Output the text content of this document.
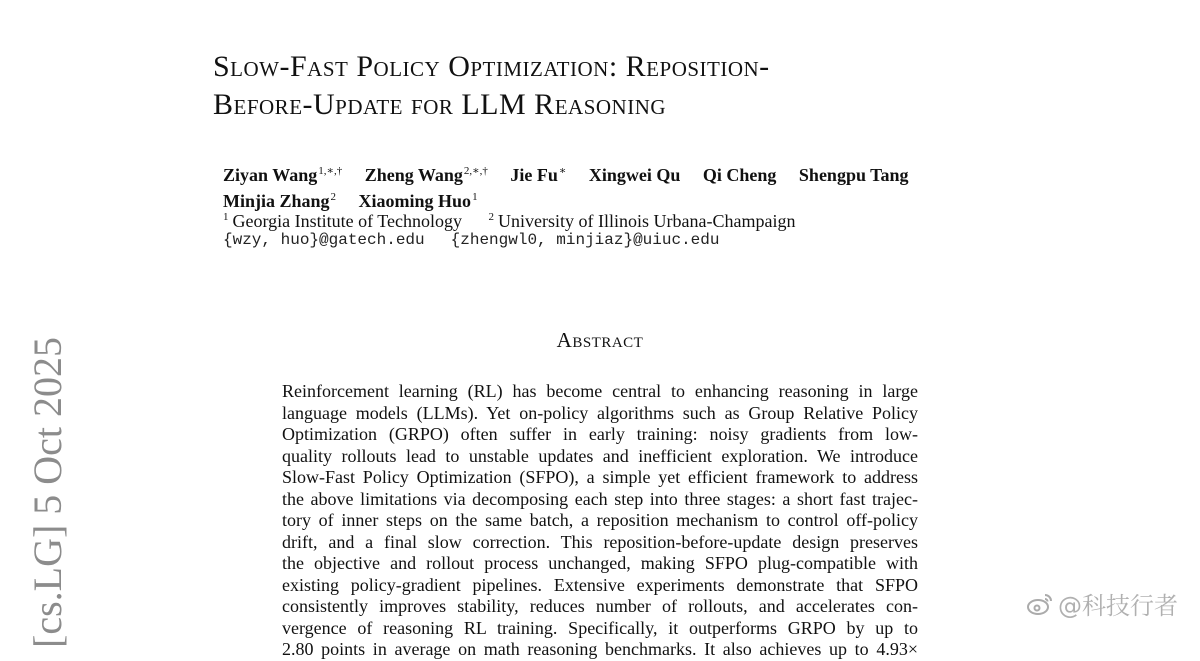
Slow-Fast Policy Optimization: Reposition-
Before-Update for LLM Reasoning
Ziyan Wang$^{1,∗,\dagger}$ Zheng Wang$^{2,∗,\dagger}$ Jie Fu∗ Xingwei Qu Qi Cheng Shengpu Tang
Minjia Zhang$^2$ Xiaoming Huo$^1$
$^1$ Georgia Institute of Technology $^2$ University of Illinois Urbana-Champaign
{wzy, huo}@gatech.edu {zhengwl0, minjiaz}@uiuc.edu
Abstract
Reinforcement learning (RL) has become central to enhancing reasoning in large
language models (LLMs). Yet on-policy algorithms such as Group Relative Policy
Optimization (GRPO) often suffer in early training: noisy gradients from low-
quality rollouts lead to unstable updates and inefficient exploration. We introduce
Slow-Fast Policy Optimization (SFPO), a simple yet efficient framework to address
the above limitations via decomposing each step into three stages: a short fast trajec-
tory of inner steps on the same batch, a reposition mechanism to control off-policy
drift, and a final slow correction. This reposition-before-update design preserves
the objective and rollout process unchanged, making SFPO plug-compatible with
existing policy-gradient pipelines. Extensive experiments demonstrate that SFPO
consistently improves stability, reduces number of rollouts, and accelerates con-
vergence of reasoning RL training. Specifically, it outperforms GRPO by up to
2.80 points in average on math reasoning benchmarks. It also achieves up to 4.93×
[cs.LG] 5 Oct 2025	@科技行者
